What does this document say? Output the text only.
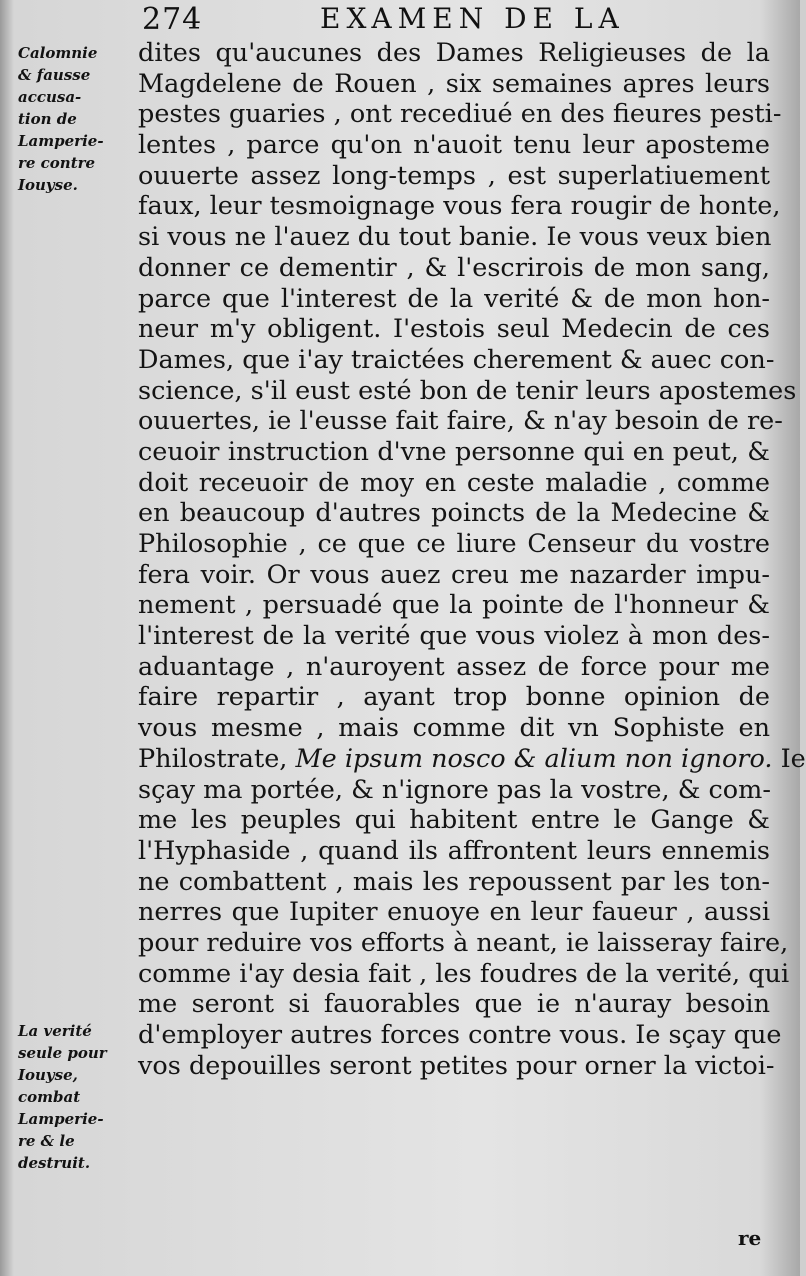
274	EXAMEN DE LA
Calomnie
& fausse
accusa-
tion de
Lamperie-
re contre
Iouyse.
La verité
seule pour
Iouyse,
combat
Lamperie-
re & le
destruit.
dites qu'aucunes des Dames Religieuses de la
Magdelene de Rouen , six semaines apres leurs
pestes guaries , ont recediué en des fieures pesti-
lentes , parce qu'on n'auoit tenu leur aposteme
ouuerte assez long-temps , est superlatiuement
faux, leur tesmoignage vous fera rougir de honte,
si vous ne l'auez du tout banie. Ie vous veux bien
donner ce dementir , & l'escrirois de mon sang,
parce que l'interest de la verité & de mon hon-
neur m'y obligent. I'estois seul Medecin de ces
Dames, que i'ay traictées cherement & auec con-
science, s'il eust esté bon de tenir leurs apostemes
ouuertes, ie l'eusse fait faire, & n'ay besoin de re-
ceuoir instruction d'vne personne qui en peut, &
doit receuoir de moy en ceste maladie , comme
en beaucoup d'autres poincts de la Medecine &
Philosophie , ce que ce liure Censeur du vostre
fera voir. Or vous auez creu me nazarder impu-
nement , persuadé que la pointe de l'honneur &
l'interest de la verité que vous violez à mon des-
aduantage , n'auroyent assez de force pour me
faire repartir , ayant trop bonne opinion de
vous mesme , mais comme dit vn Sophiste en
Philostrate, Me ipsum nosco & alium non ignoro. Ie
sçay ma portée, & n'ignore pas la vostre, & com-
me les peuples qui habitent entre le Gange &
l'Hyphaside , quand ils affrontent leurs ennemis
ne combattent , mais les repoussent par les ton-
nerres que Iupiter enuoye en leur faueur , aussi
pour reduire vos efforts à neant, ie laisseray faire,
comme i'ay desia fait , les foudres de la verité, qui
me seront si fauorables que ie n'auray besoin
d'employer autres forces contre vous. Ie sçay que
vos depouilles seront petites pour orner la victoi-
re
